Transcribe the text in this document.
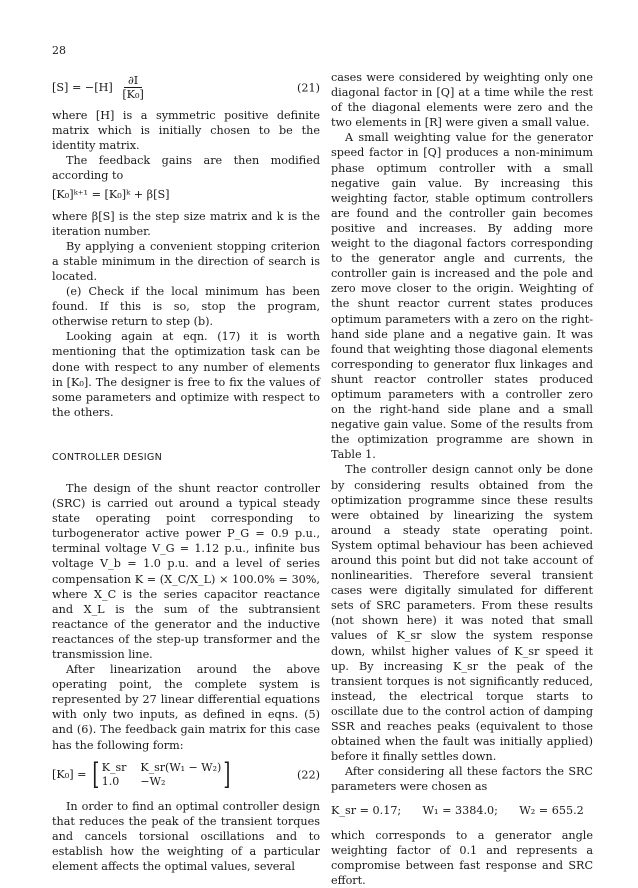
28
$[S] = -[H] \frac{\partial I}{\text{[K₀]}}$	(21)

where [H] is a symmetric positive definite matrix which is initially chosen to be the identity matrix.

The feedback gains are then modified according to

[K₀]ᵏ⁺¹ = [K₀]ᵏ + β[S]

where β[S] is the step size matrix and k is the iteration number.

By applying a convenient stopping criterion a stable minimum in the direction of search is located.

(e) Check if the local minimum has been found. If this is so, stop the program, otherwise return to step (b).

Looking again at eqn. (17) it is worth mentioning that the optimization task can be done with respect to any number of elements in [K₀]. The designer is free to fix the values of some parameters and optimize with respect to the others.

CONTROLLER DESIGN

The design of the shunt reactor controller (SRC) is carried out around a typical steady state operating point corresponding to turbogenerator active power P_G = 0.9 p.u., terminal voltage V_G = 1.12 p.u., infinite bus voltage V_b = 1.0 p.u. and a level of series compensation K = (X_C/X_L) × 100.0% = 30%, where X_C is the series capacitor reactance and X_L is the sum of the subtransient reactance of the generator and the inductive reactances of the step-up transformer and the transmission line.

After linearization around the above operating point, the complete system is represented by 27 linear differential equations with only two inputs, as defined in eqns. (5) and (6). The feedback gain matrix for this case has the following form:

[K₀] = [ K_sr K_sr(W₁ − W₂)
1.0	−W₂	]	(22)

In order to find an optimal controller design that reduces the peak of the transient torques and cancels torsional oscillations and to establish how the weighting of a particular element affects the optimal values, several

cases were considered by weighting only one diagonal factor in [Q] at a time while the rest of the diagonal elements were zero and the two elements in [R] were given a small value.

A small weighting value for the generator speed factor in [Q] produces a non-minimum phase optimum controller with a small negative gain value. By increasing this weighting factor, stable optimum controllers are found and the controller gain becomes positive and increases. By adding more weight to the diagonal factors corresponding to the generator angle and currents, the controller gain is increased and the pole and zero move closer to the origin. Weighting of the shunt reactor current states produces optimum parameters with a zero on the right-hand side plane and a negative gain. It was found that weighting those diagonal elements corresponding to generator flux linkages and shunt reactor controller states produced optimum parameters with a controller zero on the right-hand side plane and a small negative gain value. Some of the results from the optimization programme are shown in Table 1.

The controller design cannot only be done by considering results obtained from the optimization programme since these results were obtained by linearizing the system around a steady state operating point. System optimal behaviour has been achieved around this point but did not take account of nonlinearities. Therefore several transient cases were digitally simulated for different sets of SRC parameters. From these results (not shown here) it was noted that small values of K_sr slow the system response down, whilst higher values of K_sr speed it up. By increasing K_sr the peak of the transient torques is not significantly reduced, instead, the electrical torque starts to oscillate due to the control action of damping SSR and reaches peaks (equivalent to those obtained when the fault was initially applied) before it finally settles down.

After considering all these factors the SRC parameters were chosen as

K_sr = 0.17;      W₁ = 3384.0;      W₂ = 655.2

which corresponds to a generator angle weighting factor of 0.1 and represents a compromise between fast response and SRC effort.
